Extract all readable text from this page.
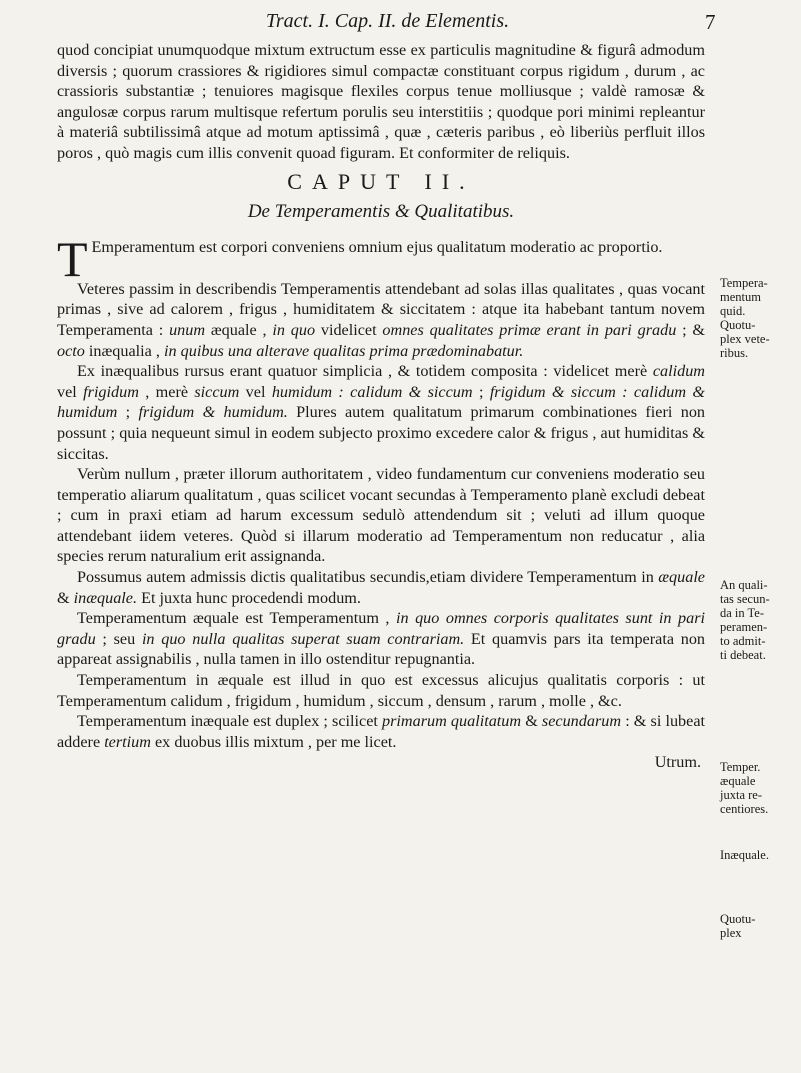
Tract. I. Cap. II. de Elementis.	7

quod concipiat unumquodque mixtum extructum esse ex particulis magnitudine & figurâ admodum diversis ; quorum crassiores & rigidiores simul compactæ constituant corpus rigidum , durum , ac crassioris substantiæ ; tenuiores magisque flexiles corpus tenue molliusque ; valdè ramosæ & angulosæ corpus rarum multisque refertum porulis seu interstitiis ; quodque pori minimi repleantur à materiâ subtilissimâ atque ad motum aptissimâ , quæ , cæteris paribus , eò liberiùs perfluit illos poros , quò magis cum illis convenit quoad figuram. Et conformiter de reliquis.

CAPUT II.
De Temperamentis & Qualitatibus.

T Emperamentum est corpori conveniens omnium ejus qualitatum moderatio ac proportio.

Veteres passim in describendis Temperamentis attendebant ad solas illas qualitates , quas vocant primas , sive ad calorem , frigus , humiditatem & siccitatem : atque ita habebant tantum novem Temperamenta : unum æquale , in quo videlicet omnes qualitates primæ erant in pari gradu ; & octo inæqualia , in quibus una alterave qualitas prima prædominabatur.

Ex inæqualibus rursus erant quatuor simplicia , & totidem composita : videlicet merè calidum vel frigidum , merè siccum vel humidum : calidum & siccum ; frigidum & siccum : calidum & humidum ; frigidum & humidum. Plures autem qualitatum primarum combinationes fieri non possunt ; quia nequeunt simul in eodem subjecto proximo excedere calor & frigus , aut humiditas & siccitas.

Verùm nullum , præter illorum authoritatem , video fundamentum cur conveniens moderatio seu temperatio aliarum qualitatum , quas scilicet vocant secundas à Temperamento planè excludi debeat ; cum in praxi etiam ad harum excessum sedulò attendendum sit ; veluti ad illum quoque attendebant iidem veteres. Quòd si illarum moderatio ad Temperamentum non reducatur , alia species rerum naturalium erit assignanda.

Possumus autem admissis dictis qualitatibus secundis,etiam dividere Temperamentum in æquale & inæquale. Et juxta hunc procedendi modum.

Temperamentum æquale est Temperamentum , in quo omnes corporis qualitates sunt in pari gradu ; seu in quo nulla qualitas superat suam contrariam. Et quamvis pars ita temperata non appareat assignabilis , nulla tamen in illo ostenditur repugnantia.

Temperamentum in æquale est illud in quo est excessus alicujus qualitatis corporis : ut Temperamentum calidum , frigidum , humidum , siccum , densum , rarum , molle , &c.

Temperamentum inæquale est duplex ; scilicet primarum qualitatum & secundarum : & si lubeat addere tertium ex duobus illis mixtum , per me licet.

Utrum.

Tempera-
mentum
quid.
Quotu-
plex vete-
ribus.
An quali-
tas secun-
da in Te-
peramen-
to admit-
ti debeat.
Temper.
æquale
juxta re-
centiores.
Inæquale.
Quotu-
plex
